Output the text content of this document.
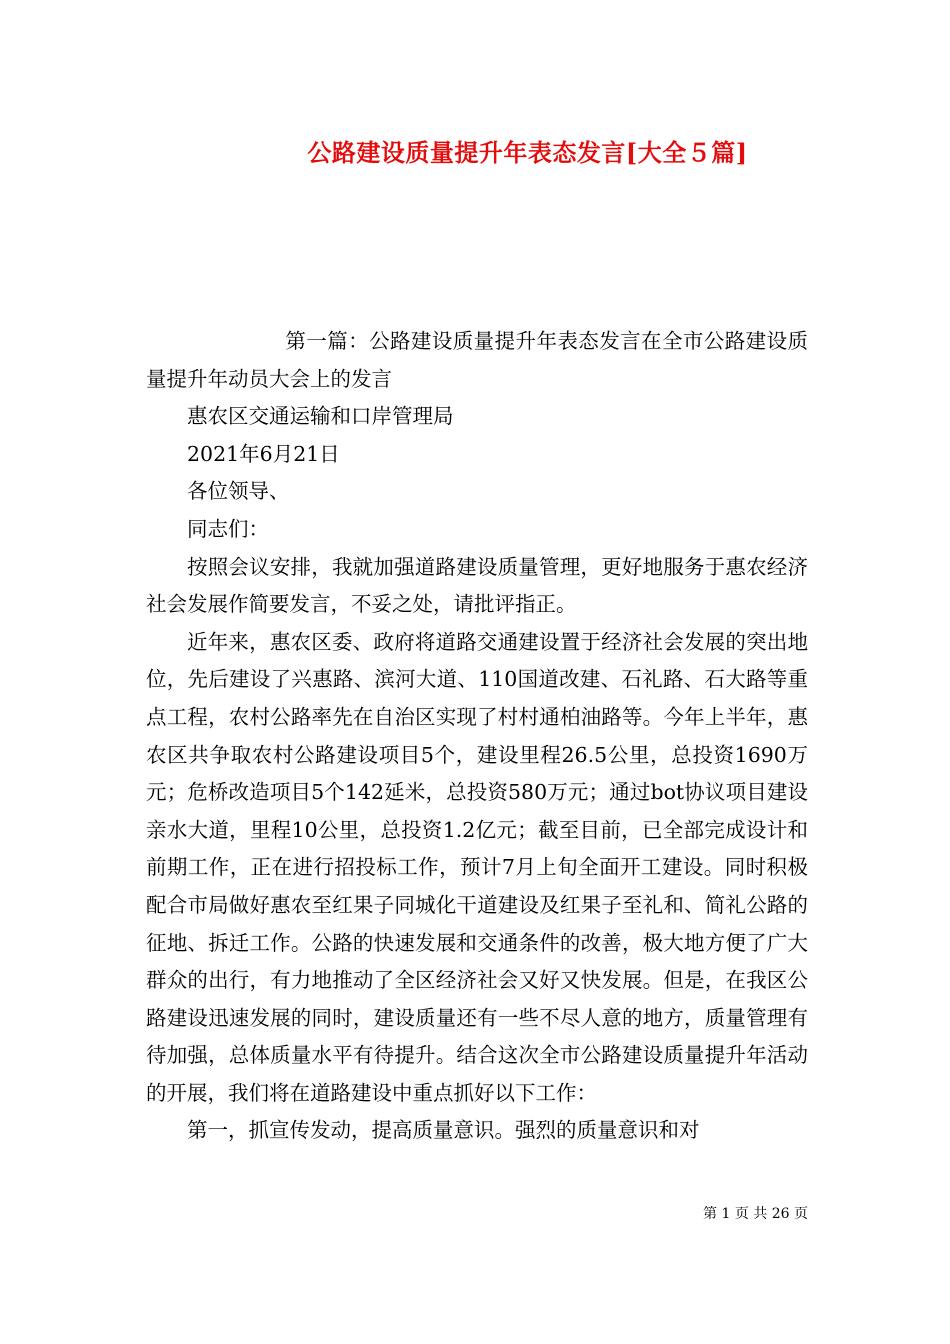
公路建设质量提升年表态发言[大全５篇]

第一篇：公路建设质量提升年表态发言在全市公路建设质量提升年动员大会上的发言

惠农区交通运输和口岸管理局

2021年6月21日

各位领导、

同志们：

按照会议安排，我就加强道路建设质量管理，更好地服务于惠农经济社会发展作简要发言，不妥之处，请批评指正。

近年来，惠农区委、政府将道路交通建设置于经济社会发展的突出地位，先后建设了兴惠路、滨河大道、110国道改建、石礼路、石大路等重点工程，农村公路率先在自治区实现了村村通柏油路等。今年上半年，惠农区共争取农村公路建设项目5个，建设里程26.5公里，总投资1690万元；危桥改造项目5个142延米，总投资580万元；通过bot协议项目建设亲水大道，里程10公里，总投资1.2亿元；截至目前，已全部完成设计和前期工作，正在进行招投标工作，预计7月上旬全面开工建设。同时积极配合市局做好惠农至红果子同城化干道建设及红果子至礼和、简礼公路的征地、拆迁工作。公路的快速发展和交通条件的改善，极大地方便了广大群众的出行，有力地推动了全区经济社会又好又快发展。但是，在我区公路建设迅速发展的同时，建设质量还有一些不尽人意的地方，质量管理有待加强，总体质量水平有待提升。结合这次全市公路建设质量提升年活动的开展，我们将在道路建设中重点抓好以下工作：

第一，抓宣传发动，提高质量意识。强烈的质量意识和对

第 1 页 共 26 页
